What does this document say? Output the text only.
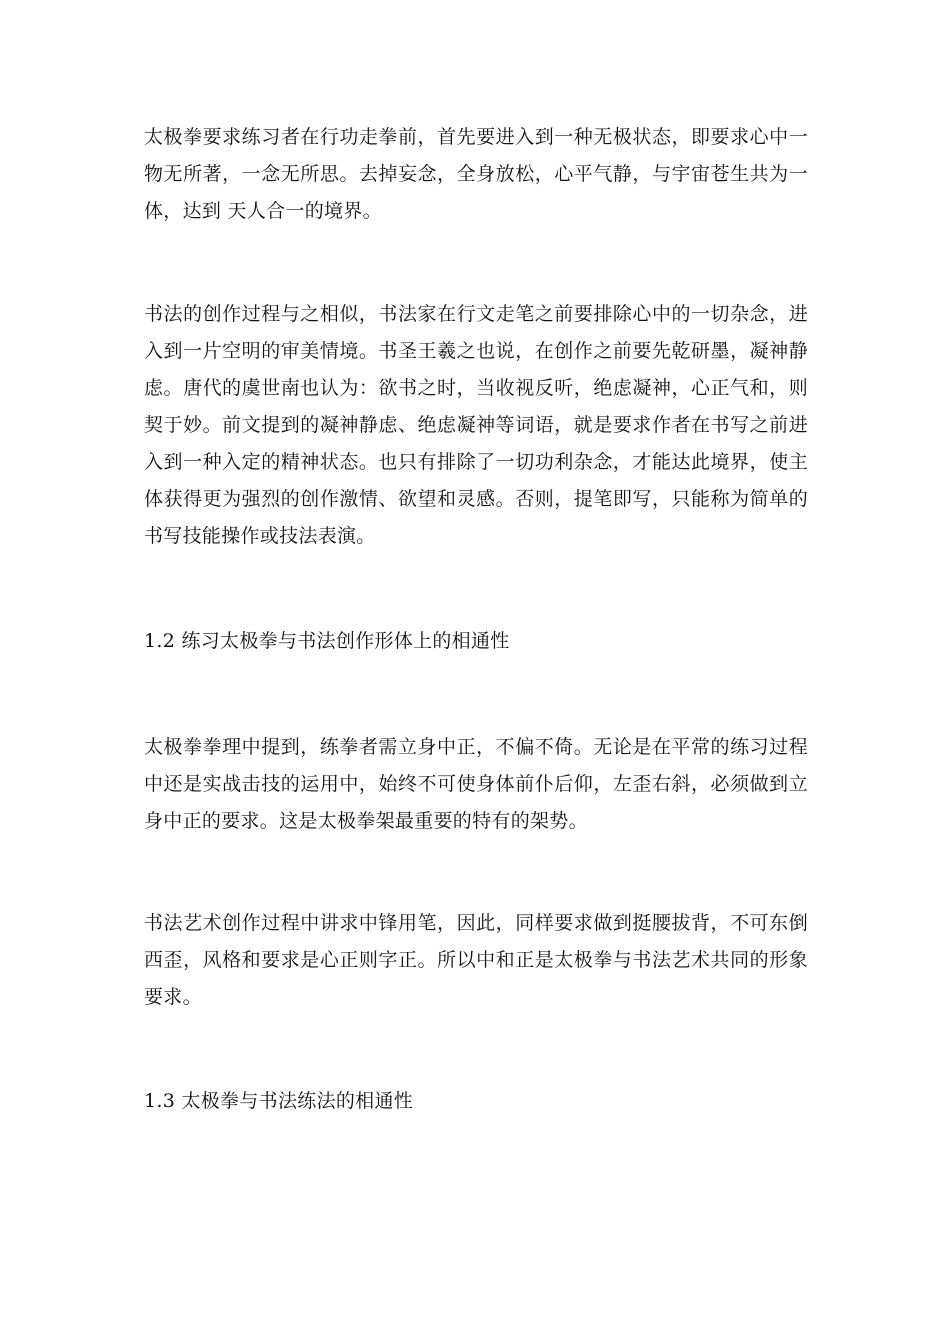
太极拳要求练习者在行功走拳前，首先要进入到一种无极状态，即要求心中一物无所著，一念无所思。去掉妄念，全身放松，心平气静，与宇宙苍生共为一体，达到 天人合一的境界。

书法的创作过程与之相似，书法家在行文走笔之前要排除心中的一切杂念，进入到一片空明的审美情境。书圣王羲之也说，在创作之前要先乾研墨，凝神静虑。唐代的虞世南也认为：欲书之时，当收视反听，绝虑凝神，心正气和，则契于妙。前文提到的凝神静虑、绝虑凝神等词语，就是要求作者在书写之前进入到一种入定的精神状态。也只有排除了一切功利杂念，才能达此境界，使主体获得更为强烈的创作激情、欲望和灵感。否则，提笔即写，只能称为简单的书写技能操作或技法表演。

1.2 练习太极拳与书法创作形体上的相通性

太极拳拳理中提到，练拳者需立身中正，不偏不倚。无论是在平常的练习过程中还是实战击技的运用中，始终不可使身体前仆后仰，左歪右斜，必须做到立身中正的要求。这是太极拳架最重要的特有的架势。

书法艺术创作过程中讲求中锋用笔，因此，同样要求做到挺腰拔背，不可东倒西歪，风格和要求是心正则字正。所以中和正是太极拳与书法艺术共同的形象要求。

1.3 太极拳与书法练法的相通性
